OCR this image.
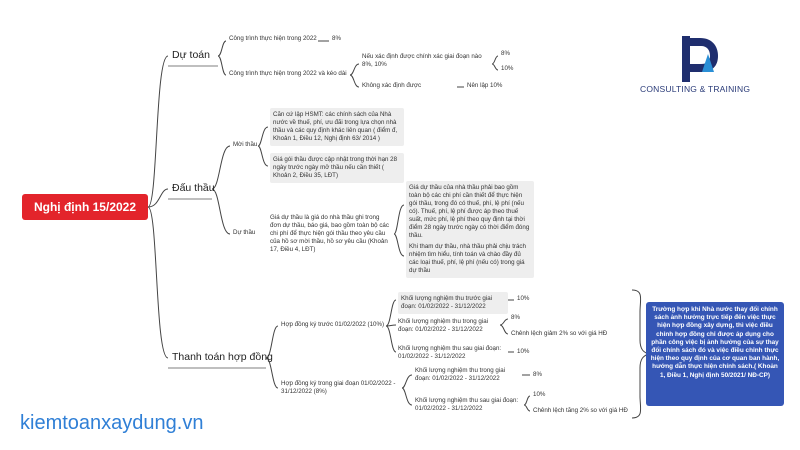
Nghị định 15/2022
Dự toán
Đấu thầu
Thanh toán hợp đồng
Công trình thực hiện trong 2022 8%
Công trình thực hiện trong 2022 và kéo dài
Nếu xác định được chính xác giai đoạn nào 8%, 10%
8%
10%
Không xác định được	Nên lập 10%
Mời thầu
Căn cứ lập HSMT: các chính sách của Nhà nước về thuế, phí, ưu đãi trong lựa chọn nhà thầu và các quy định khác liên quan ( điểm đ, Khoản 1, Điều 12, Nghị định 63/ 2014 )
Giá gói thầu được cập nhật trong thời hạn 28 ngày trước ngày mở thầu nếu cần thiết ( Khoản 2, Điều 35, LĐT)
Dự thầu
Giá dự thầu là giá do nhà thầu ghi trong đơn dự thầu, báo giá, bao gồm toàn bộ các chi phí để thực hiện gói thầu theo yêu cầu của hồ sơ mời thầu, hồ sơ yêu cầu (Khoản 17, Điều 4, LĐT)
Giá dự thầu của nhà thầu phải bao gồm toàn bộ các chi phí cần thiết để thực hiện gói thầu, trong đó có thuế, phí, lệ phí (nếu có). Thuế, phí, lệ phí được áp theo thuế suất, mức phí, lệ phí theo quy định tại thời điểm 28 ngày trước ngày có thời điểm đóng thầu.
Khi tham dự thầu, nhà thầu phải chịu trách nhiệm tìm hiểu, tính toán và chào đầy đủ các loại thuế, phí, lệ phí (nếu có) trong giá dự thầu
Hợp đồng ký trước 01/02/2022 (10%)
Khối lượng nghiệm thu trước giai đoạn: 01/02/2022 - 31/12/2022
10%
Khối lượng nghiệm thu trong giai đoạn: 01/02/2022 - 31/12/2022
8%
Chênh lệch giảm 2% so với giá HĐ
Khối lượng nghiệm thu sau giai đoạn: 01/02/2022 - 31/12/2022
10%
Hợp đồng ký trong giai đoạn 01/02/2022 - 31/12/2022 (8%)
Khối lượng nghiệm thu trong giai đoạn: 01/02/2022 - 31/12/2022
8%
Khối lượng nghiệm thu sau giai đoạn: 01/02/2022 - 31/12/2022
10%
Chênh lệch tăng 2% so với giá HĐ
Trường hợp khi Nhà nước thay đổi chính sách ảnh hưởng trực tiếp đến việc thực hiện hợp đồng xây dựng, thì việc điều chỉnh hợp đồng chỉ được áp dụng cho phần công việc bị ảnh hưởng của sự thay đổi chính sách đó và việc điều chỉnh thực hiện theo quy định của cơ quan ban hành, hướng dẫn thực hiện chính sách.( Khoản 1, Điều 1, Nghị định 50/2021/ NĐ-CP)
CONSULTING & TRAINING
kiemtoanxaydung.vn
